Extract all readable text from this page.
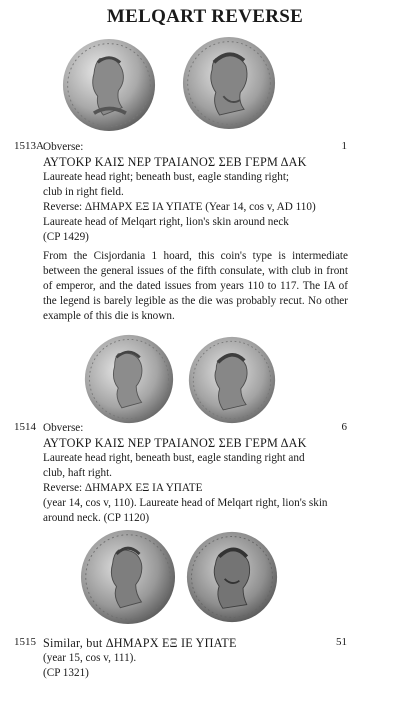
MELQART REVERSE
1513A	1
Obverse:
ΑΥΤΟΚΡ ΚΑΙΣ ΝΕΡ ΤΡΑΙΑΝΟΣ ΣΕΒ ΓΕΡΜ ΔΑΚ
Laureate head right; beneath bust, eagle standing right;
club in right field.
Reverse: ΔΗΜΑΡΧ ΕΞ ΙΑ ΥΠΑΤΕ (Year 14, cos v, AD 110)
Laureate head of Melqart right, lion's skin around neck
(CP 1429)
From the Cisjordania 1 hoard, this coin's type is intermediate between the general issues of the fifth consulate, with club in front of emperor, and the dated issues from years 110 to 117. The IA of the legend is barely legible as the die was probably recut. No other example of this die is known.
1514	6
Obverse:
ΑΥΤΟΚΡ ΚΑΙΣ ΝΕΡ ΤΡΑΙΑΝΟΣ ΣΕΒ ΓΕΡΜ ΔΑΚ
Laureate head right, beneath bust, eagle standing right and
club, haft right.
Reverse: ΔΗΜΑΡΧ ΕΞ ΙΑ ΥΠΑΤΕ
(year 14, cos v, 110). Laureate head of Melqart right, lion's skin
around neck. (CP 1120)
1515	51
Similar, but ΔΗΜΑΡΧ ΕΞ ΙΕ ΥΠΑΤΕ
(year 15, cos v, 111).
(CP 1321)
